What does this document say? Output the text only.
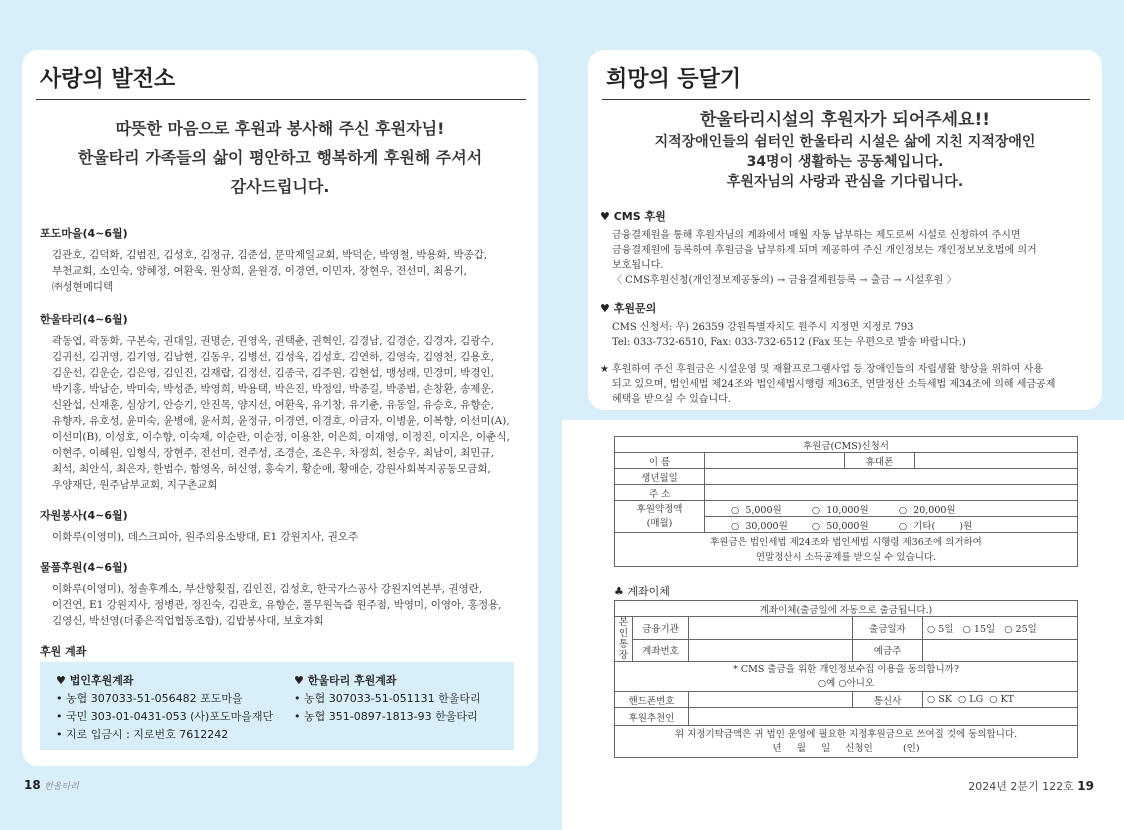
사랑의 발전소
따뜻한 마음으로 후원과 봉사해 주신 후원자님!
한울타리 가족들의 삶이 평안하고 행복하게 후원해 주셔서
감사드립니다.
포도마을(4~6월)
김관호, 김덕화, 김범진, 김성호, 김정규, 김준섭, 문막제일교회, 박덕순, 박영철, 박용화, 박종갑,
부천교회, 소인숙, 양혜정, 여환욱, 원상희, 윤원경, 이경연, 이민자, 장현우, 전선미, 최용기,
㈜성현메디텍
한울타리(4~6월)
곽동엽, 곽동화, 구본숙, 권대일, 권명순, 권영옥, 권택춘, 권혁인, 김경남, 김경순, 김경자, 김광수,
김귀선, 김귀영, 김기영, 김남현, 김동우, 김병선, 김성욱, 김성호, 김연하, 김영숙, 김영천, 김용호,
김운선, 김운순, 김은영, 김인진, 김재랍, 김정선, 김종국, 김주원, 김현섭, 맹성래, 민경미, 박경인,
박기홍, 박남순, 박미숙, 박성준, 박영희, 박용택, 박은진, 박정임, 박종길, 박종범, 손창환, 송제운,
신완섭, 신재훈, 심상기, 안승기, 안진목, 양지선, 여환욱, 유기창, 유기춘, 유동일, 유승호, 유향순,
유향자, 유호성, 윤미숙, 윤병애, 윤서희, 윤정규, 이경연, 이경호, 이금자, 이병윤, 이복향, 이선미(A),
이선미(B), 이성호, 이수향, 이숙재, 이순란, 이순정, 이용찬, 이은희, 이재영, 이정진, 이지은, 이춘식,
이현주, 이혜원, 임형식, 장현주, 전선미, 전주성, 조경순, 조은우, 차정희, 천승우, 최남이, 최민규,
최석, 최안식, 최은자, 한범수, 함영옥, 허신영, 홍숙기, 황순애, 황애순, 강원사회복지공동모금회,
우양재단, 원주남부교회, 지구촌교회
자원봉사(4~6월)
이화루(이영미), 데스크피아, 원주의용소방대, E1 강원지사, 권오주
물품후원(4~6월)
이화루(이영미), 청솔후계소, 부산항횟집, 김인진, 김성호, 한국가스공사 강원지역본부, 권영란,
이건연, E1 강원지사, 정병관, 정진숙, 김관호, 유향순, 풀무원녹즙 원주점, 박영미, 이영아, 홍정용,
김영신, 박선영(더좋은직업협동조합), 김밥봉사대, 보호자회
후원 계좌
♥ 법인후원계좌
• 농협 307033-51-056482 포도마을
• 국민 303-01-0431-053 (사)포도마을재단
• 지로 입금시 : 지로번호 7612242
♥ 한울타리 후원계좌
• 농협 307033-51-051131 한울타리
• 농협 351-0897-1813-93 한울타리
희망의 등달기
한울타리시설의 후원자가 되어주세요!!
지적장애인들의 쉼터인 한울타리 시설은 삶에 지친 지적장애인
34명이 생활하는 공동체입니다.
후원자님의 사랑과 관심을 기다립니다.
♥ CMS 후원
금융결제원을 통해 후원자님의 계좌에서 매월 자동 납부하는 제도로써 시설로 신청하여 주시면
금융결제원에 등록하여 후원금을 납부하게 되며 제공하여 주신 개인정보는 개인정보보호법에 의거
보호됩니다.
〈 CMS후원신청(개인정보제공동의) → 금융결제원등록 → 출금 → 시설후원 〉
♥ 후원문의
CMS 신청서: 우) 26359 강원특별자치도 원주시 지정면 지정로 793
Tel: 033-732-6510, Fax: 033-732-6512 (Fax 또는 우편으로 발송 바랍니다.)
★ 후원하여 주신 후원금은 시설운영 및 재활프로그램사업 등 장애인들의 자립생활 향상을 위하여 사용
되고 있으며, 법인세법 제24조와 법인세법시행령 제36조, 연말정산 소득세법 제34조에 의해 세금공제
혜택을 받으실 수 있습니다.
후원금(CMS)신청서			
이 름		휴대폰	
생년월일			
주 소			

후원약정액
(매월)	○  5,000원          ○  10,000원          ○  20,000원		
	○  30,000원        ○  50,000원          ○  기타(        )원		

후원금은 법인세법 제24조와 법인세법 시행령 제36조에 의거하여
연말정산시 소득공제를 받으실 수 있습니다.			
♣ 계좌이체
계좌이체(출금일에 자동으로 출금됩니다.)				
본인통장	금융기관		출금일자	○ 5일   ○ 15일   ○ 25일
	계좌번호		예금주	

* CMS 출금을 위한 개인정보수집 이용을 동의합니까?
○예 ○아니오				

핸드폰번호			통신사	○ SK  ○ LG  ○ KT
후원추천인				

위 지정기탁금액은 귀 법인 운영에 필요한 지정후원금으로 쓰여질 것에 동의합니다.
년     월     일     신청인          (인)				
18 한울타리	2024년 2분기 122호 19
